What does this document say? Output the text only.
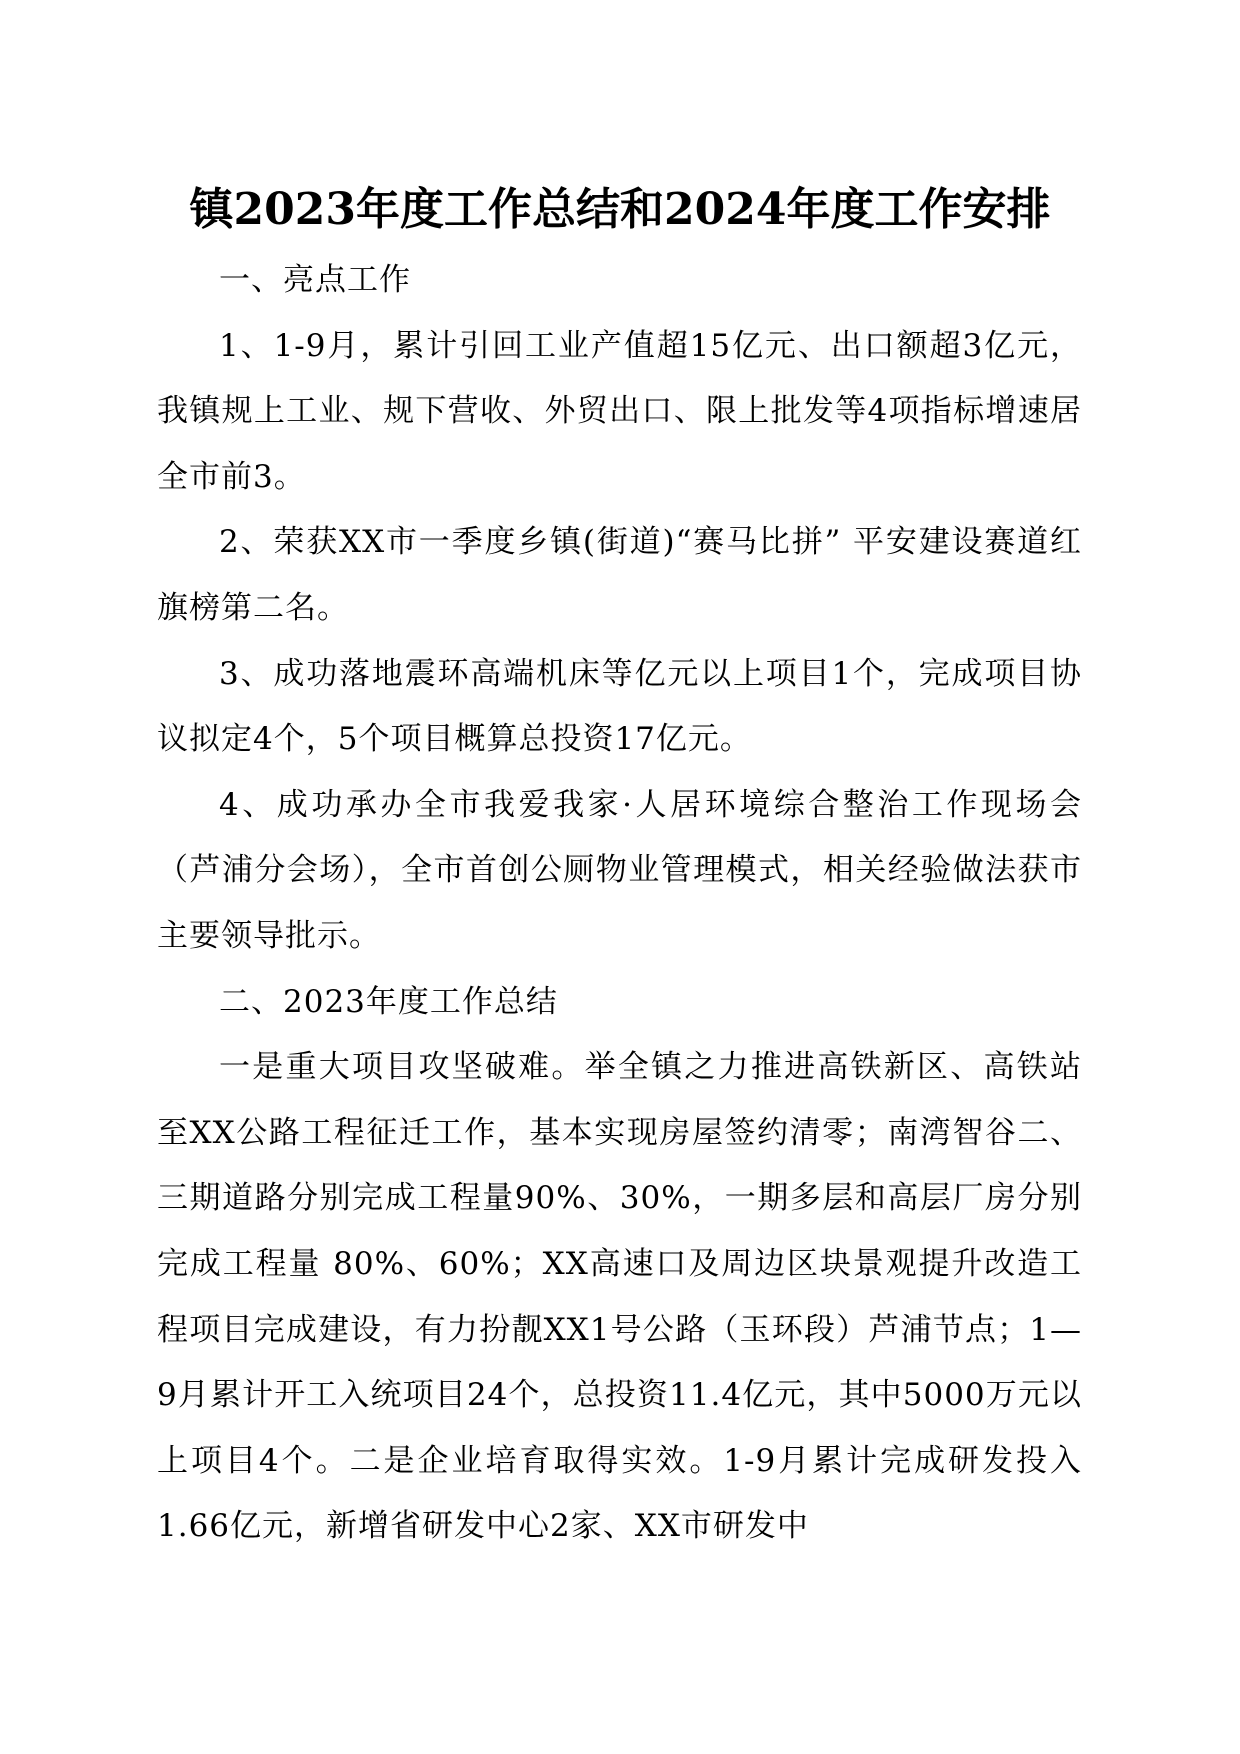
镇2023年度工作总结和2024年度工作安排
一、亮点工作

1、1-9月，累计引回工业产值超15亿元、出口额超3亿元，我镇规上工业、规下营收、外贸出口、限上批发等4项指标增速居全市前3。

2、荣获XX市一季度乡镇(街道)“赛马比拼” 平安建设赛道红旗榜第二名。

3、成功落地震环高端机床等亿元以上项目1个，完成项目协议拟定4个，5个项目概算总投资17亿元。

4、成功承办全市我爱我家·人居环境综合整治工作现场会（芦浦分会场），全市首创公厕物业管理模式，相关经验做法获市主要领导批示。

二、2023年度工作总结

一是重大项目攻坚破难。举全镇之力推进高铁新区、高铁站至XX公路工程征迁工作，基本实现房屋签约清零；南湾智谷二、三期道路分别完成工程量90%、30%，一期多层和高层厂房分别完成工程量 80%、60%；XX高速口及周边区块景观提升改造工程项目完成建设，有力扮靓XX1号公路（玉环段）芦浦节点；1—9月累计开工入统项目24个，总投资11.4亿元，其中5000万元以上项目4个。二是企业培育取得实效。1-9月累计完成研发投入1.66亿元，新增省研发中心2家、XX市研发中
